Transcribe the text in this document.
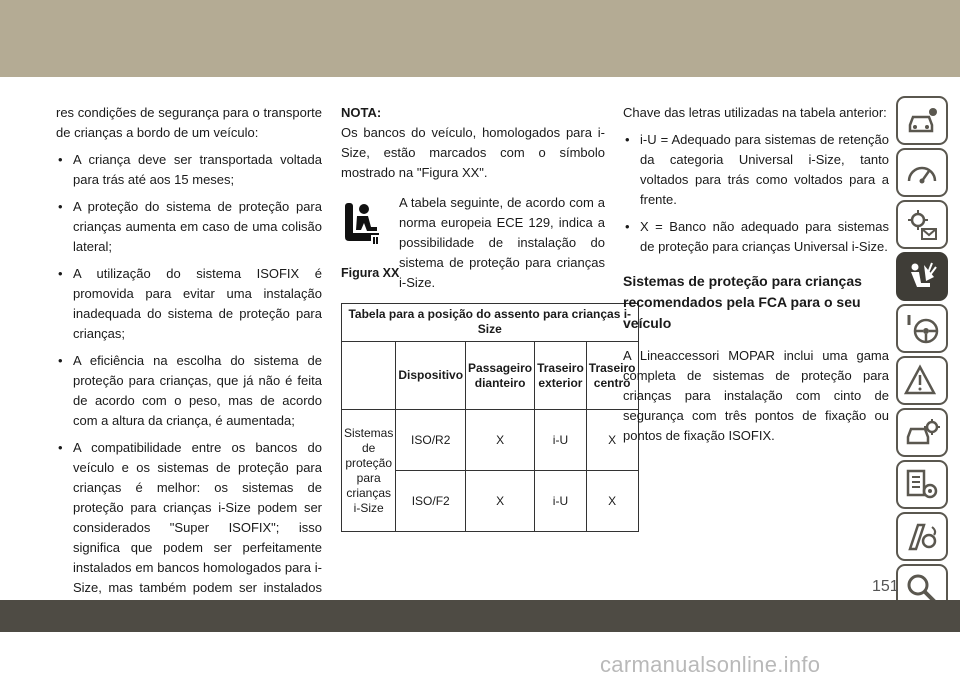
res condições de segurança para o transporte de crianças a bordo de um veículo:

• A criança deve ser transportada voltada para trás até aos 15 meses;
• A proteção do sistema de proteção para crianças aumenta em caso de uma colisão lateral;
• A utilização do sistema ISOFIX é promovida para evitar uma instalação inadequada do sistema de proteção para crianças;
• A eficiência na escolha do sistema de proteção para crianças, que já não é feita de acordo com o peso, mas de acordo com a altura da criança, é aumentada;
• A compatibilidade entre os bancos do veículo e os sistemas de proteção para crianças é melhor: os sistemas de proteção para crianças i-Size podem ser considerados "Super ISOFIX"; isso significa que podem ser perfeitamente instalados em bancos homologados para i-Size, mas também podem ser instalados
NOTA:

Os bancos do veículo, homologados para i-Size, estão marcados com o símbolo mostrado na "Figura XX".

Figura XX

A tabela seguinte, de acordo com a norma europeia ECE 129, indica a possibilidade de instalação do sistema de proteção para crianças i-Size.

Tabela para a posição do assento para crianças i-Size				
	Dispositivo	Passageiro dianteiro	Traseiro exterior	Traseiro centro
Sistemas de proteção para crianças i-Size	ISO/R2	X	i-U	X
	ISO/F2	X	i-U	X

Chave das letras utilizadas na tabela anterior:

• i-U = Adequado para sistemas de retenção da categoria Universal i-Size, tanto voltados para trás como voltados para a frente.
• X = Banco não adequado para sistemas de proteção para crianças Universal i-Size.
Sistemas de proteção para crianças recomendados pela FCA para o seu veículo

A Lineaccessori MOPAR inclui uma gama completa de sistemas de proteção para crianças para instalação com cinto de segurança com três pontos de fixação ou pontos de fixação ISOFIX.

151
carmanualsonline.info
